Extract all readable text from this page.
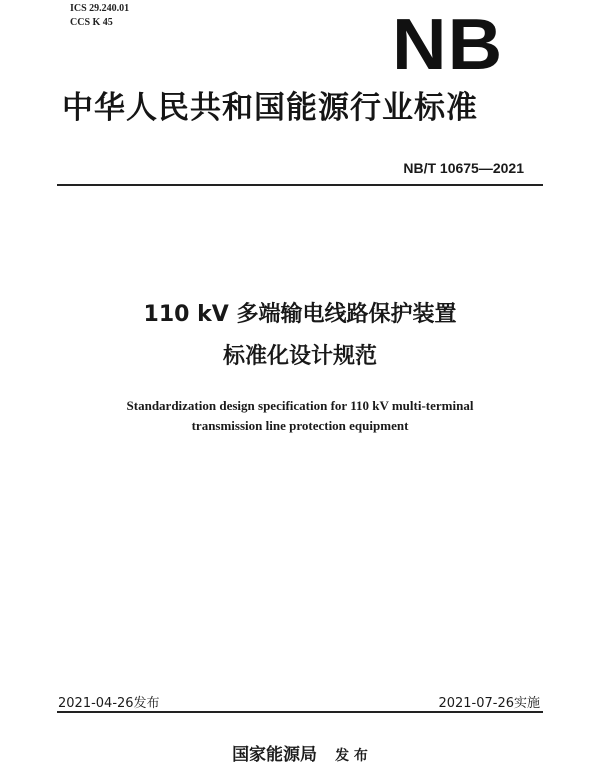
ICS 29.240.01
CCS K 45	NB
中华人民共和国能源行业标准
NB/T 10675—2021
110 kV 多端输电线路保护装置
标准化设计规范
Standardization design specification for 110 kV multi-terminal
transmission line protection equipment
2021-04-26发布	2021-07-26实施
国家能源局 发 布
